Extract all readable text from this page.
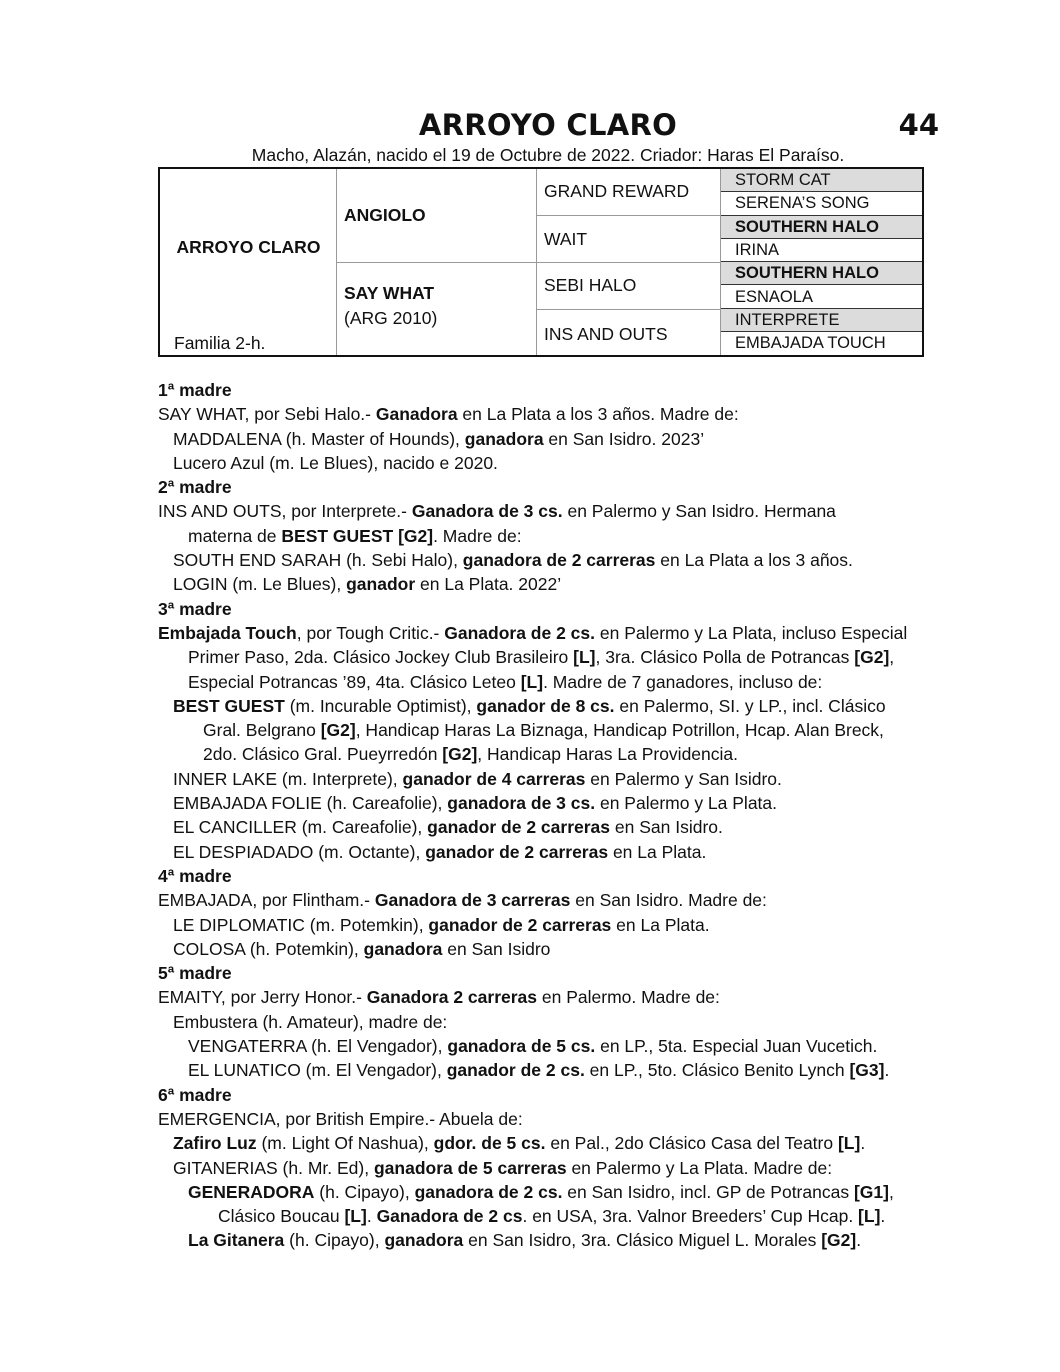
ARROYO CLARO	44
Macho, Alazán, nacido el 19 de Octubre de 2022. Criador: Haras El Paraíso.
ARROYO CLARO
Familia 2-h.
ANGIOLO
SAY WHAT
(ARG 2010)
GRAND REWARD
WAIT
SEBI HALO
INS AND OUTS
STORM CAT
SERENA’S SONG
SOUTHERN HALO
IRINA
SOUTHERN HALO
ESNAOLA
INTERPRETE
EMBAJADA TOUCH

1ª madre

SAY WHAT, por Sebi Halo.- Ganadora en La Plata a los 3 años. Madre de:

MADDALENA (h. Master of Hounds), ganadora en San Isidro. 2023’

Lucero Azul (m. Le Blues), nacido e 2020.

2ª madre

INS AND OUTS, por Interprete.- Ganadora de 3 cs. en Palermo y San Isidro. Hermana

materna de BEST GUEST [G2]. Madre de:

SOUTH END SARAH (h. Sebi Halo), ganadora de 2 carreras en La Plata a los 3 años.

LOGIN (m. Le Blues), ganador en La Plata. 2022’

3ª madre

Embajada Touch, por Tough Critic.- Ganadora de 2 cs. en Palermo y La Plata, incluso Especial

Primer Paso, 2da. Clásico Jockey Club Brasileiro [L], 3ra. Clásico Polla de Potrancas [G2],

Especial Potrancas ’89, 4ta. Clásico Leteo [L]. Madre de 7 ganadores, incluso de:

BEST GUEST (m. Incurable Optimist), ganador de 8 cs. en Palermo, SI. y LP., incl. Clásico

Gral. Belgrano [G2], Handicap Haras La Biznaga, Handicap Potrillon, Hcap. Alan Breck,

2do. Clásico Gral. Pueyrredón [G2], Handicap Haras La Providencia.

INNER LAKE (m. Interprete), ganador de 4 carreras en Palermo y San Isidro.

EMBAJADA FOLIE (h. Careafolie), ganadora de 3 cs. en Palermo y La Plata.

EL CANCILLER (m. Careafolie), ganador de 2 carreras en San Isidro.

EL DESPIADADO (m. Octante), ganador de 2 carreras en La Plata.

4ª madre

EMBAJADA, por Flintham.- Ganadora de 3 carreras en San Isidro. Madre de:

LE DIPLOMATIC (m. Potemkin), ganador de 2 carreras en La Plata.

COLOSA (h. Potemkin), ganadora en San Isidro

5ª madre

EMAITY, por Jerry Honor.- Ganadora 2 carreras en Palermo. Madre de:

Embustera (h. Amateur), madre de:

VENGATERRA (h. El Vengador), ganadora de 5 cs. en LP., 5ta. Especial Juan Vucetich.

EL LUNATICO (m. El Vengador), ganador de 2 cs. en LP., 5to. Clásico Benito Lynch [G3].

6ª madre

EMERGENCIA, por British Empire.- Abuela de:

Zafiro Luz (m. Light Of Nashua), gdor. de 5 cs. en Pal., 2do Clásico Casa del Teatro [L].

GITANERIAS (h. Mr. Ed), ganadora de 5 carreras en Palermo y La Plata. Madre de:

GENERADORA (h. Cipayo), ganadora de 2 cs. en San Isidro, incl. GP de Potrancas [G1],

Clásico Boucau [L]. Ganadora de 2 cs. en USA, 3ra. Valnor Breeders’ Cup Hcap. [L].

La Gitanera (h. Cipayo), ganadora en San Isidro, 3ra. Clásico Miguel L. Morales [G2].
